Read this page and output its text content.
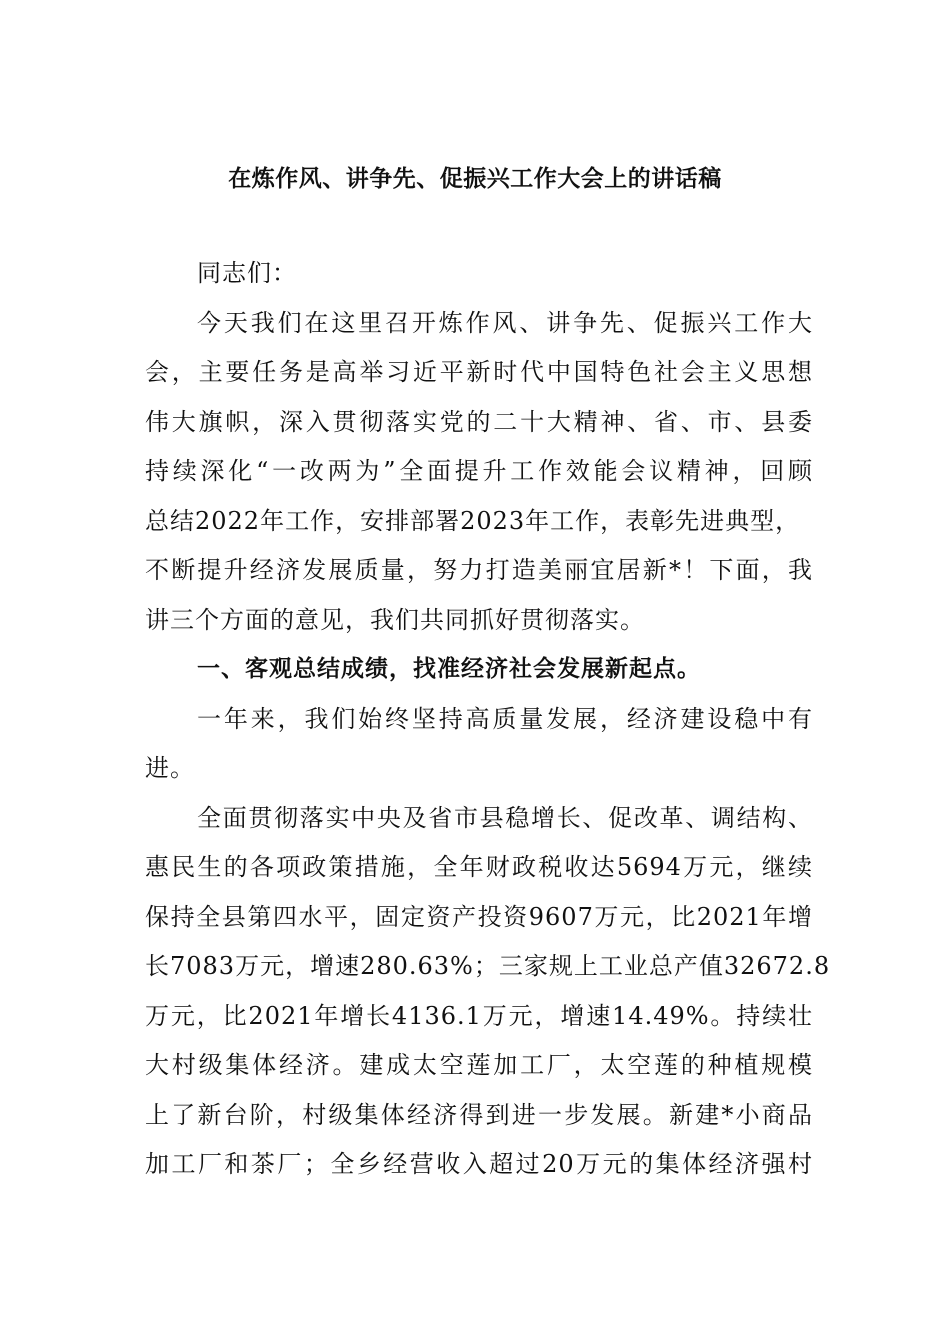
在炼作风、讲争先、促振兴工作大会上的讲话稿
同志们：
今天我们在这里召开炼作风、讲争先、促振兴工作大
会，主要任务是高举习近平新时代中国特色社会主义思想
伟大旗帜，深入贯彻落实党的二十大精神、省、市、县委
持续深化“一改两为”全面提升工作效能会议精神，回顾
总结2022年工作，安排部署2023年工作，表彰先进典型，
不断提升经济发展质量，努力打造美丽宜居新*！下面，我
讲三个方面的意见，我们共同抓好贯彻落实。
一、客观总结成绩，找准经济社会发展新起点。
一年来，我们始终坚持高质量发展，经济建设稳中有
进。
全面贯彻落实中央及省市县稳增长、促改革、调结构、
惠民生的各项政策措施，全年财政税收达5694万元，继续
保持全县第四水平，固定资产投资9607万元，比2021年增
长7083万元，增速280.63%；三家规上工业总产值32672.8
万元，比2021年增长4136.1万元，增速14.49%。持续壮
大村级集体经济。建成太空莲加工厂，太空莲的种植规模
上了新台阶，村级集体经济得到进一步发展。新建*小商品
加工厂和茶厂；全乡经营收入超过20万元的集体经济强村
